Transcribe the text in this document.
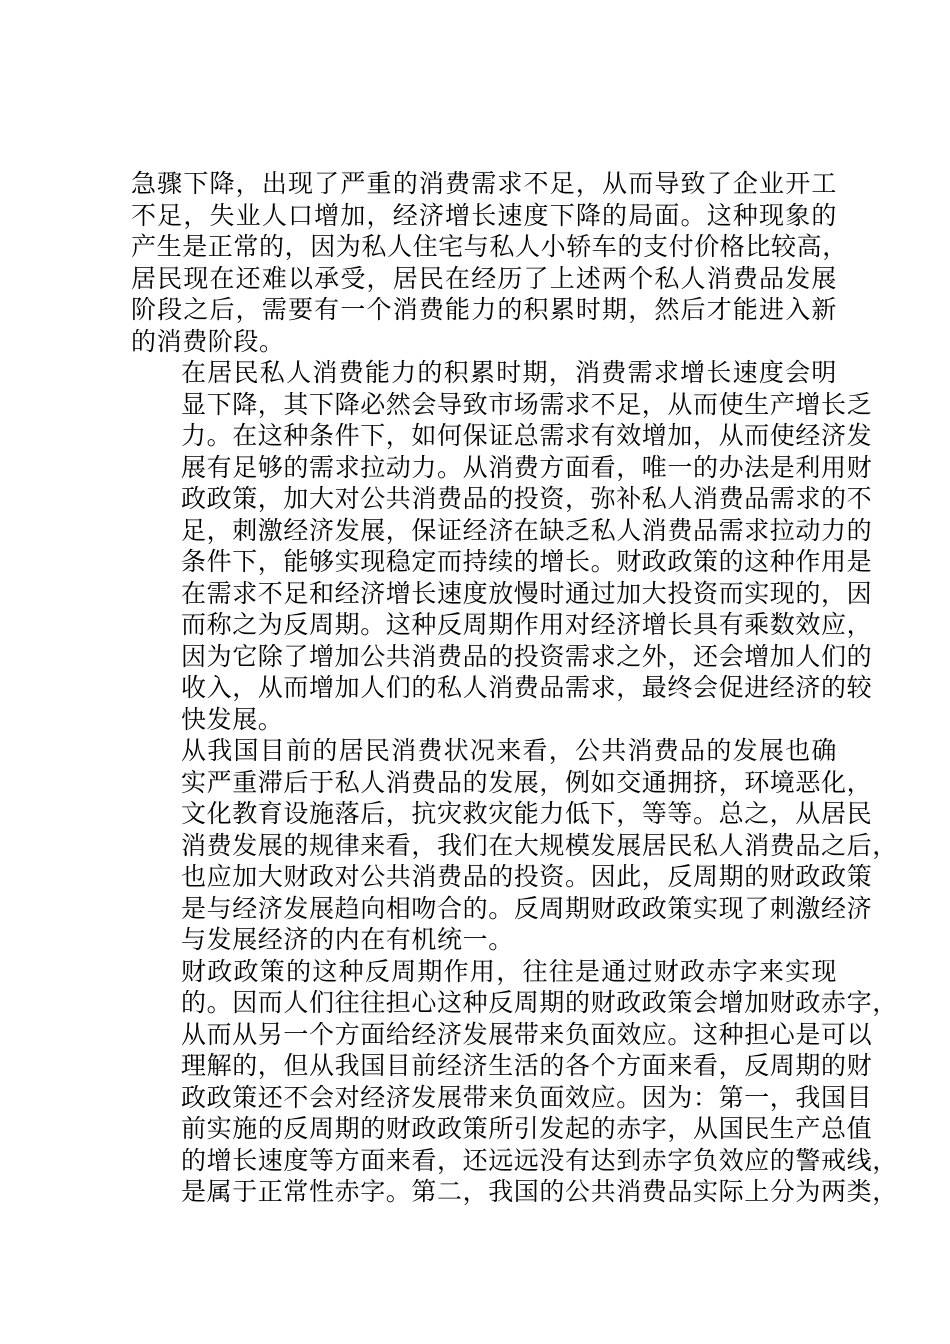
急骤下降，出现了严重的消费需求不足，从而导致了企业开工
不足，失业人口增加，经济增长速度下降的局面。这种现象的
产生是正常的，因为私人住宅与私人小轿车的支付价格比较高，
居民现在还难以承受，居民在经历了上述两个私人消费品发展
阶段之后，需要有一个消费能力的积累时期，然后才能进入新
的消费阶段。
在居民私人消费能力的积累时期，消费需求增长速度会明
显下降，其下降必然会导致市场需求不足，从而使生产增长乏
力。在这种条件下，如何保证总需求有效增加，从而使经济发
展有足够的需求拉动力。从消费方面看，唯一的办法是利用财
政政策，加大对公共消费品的投资，弥补私人消费品需求的不
足，刺激经济发展，保证经济在缺乏私人消费品需求拉动力的
条件下，能够实现稳定而持续的增长。财政政策的这种作用是
在需求不足和经济增长速度放慢时通过加大投资而实现的，因
而称之为反周期。这种反周期作用对经济增长具有乘数效应，
因为它除了增加公共消费品的投资需求之外，还会增加人们的
收入，从而增加人们的私人消费品需求，最终会促进经济的较
快发展。
从我国目前的居民消费状况来看，公共消费品的发展也确
实严重滞后于私人消费品的发展，例如交通拥挤，环境恶化，
文化教育设施落后，抗灾救灾能力低下，等等。总之，从居民
消费发展的规律来看，我们在大规模发展居民私人消费品之后，
也应加大财政对公共消费品的投资。因此，反周期的财政政策
是与经济发展趋向相吻合的。反周期财政政策实现了刺激经济
与发展经济的内在有机统一。
财政政策的这种反周期作用，往往是通过财政赤字来实现
的。因而人们往往担心这种反周期的财政政策会增加财政赤字，
从而从另一个方面给经济发展带来负面效应。这种担心是可以
理解的，但从我国目前经济生活的各个方面来看，反周期的财
政政策还不会对经济发展带来负面效应。因为：第一，我国目
前实施的反周期的财政政策所引发起的赤字，从国民生产总值
的增长速度等方面来看，还远远没有达到赤字负效应的警戒线，
是属于正常性赤字。第二，我国的公共消费品实际上分为两类，
